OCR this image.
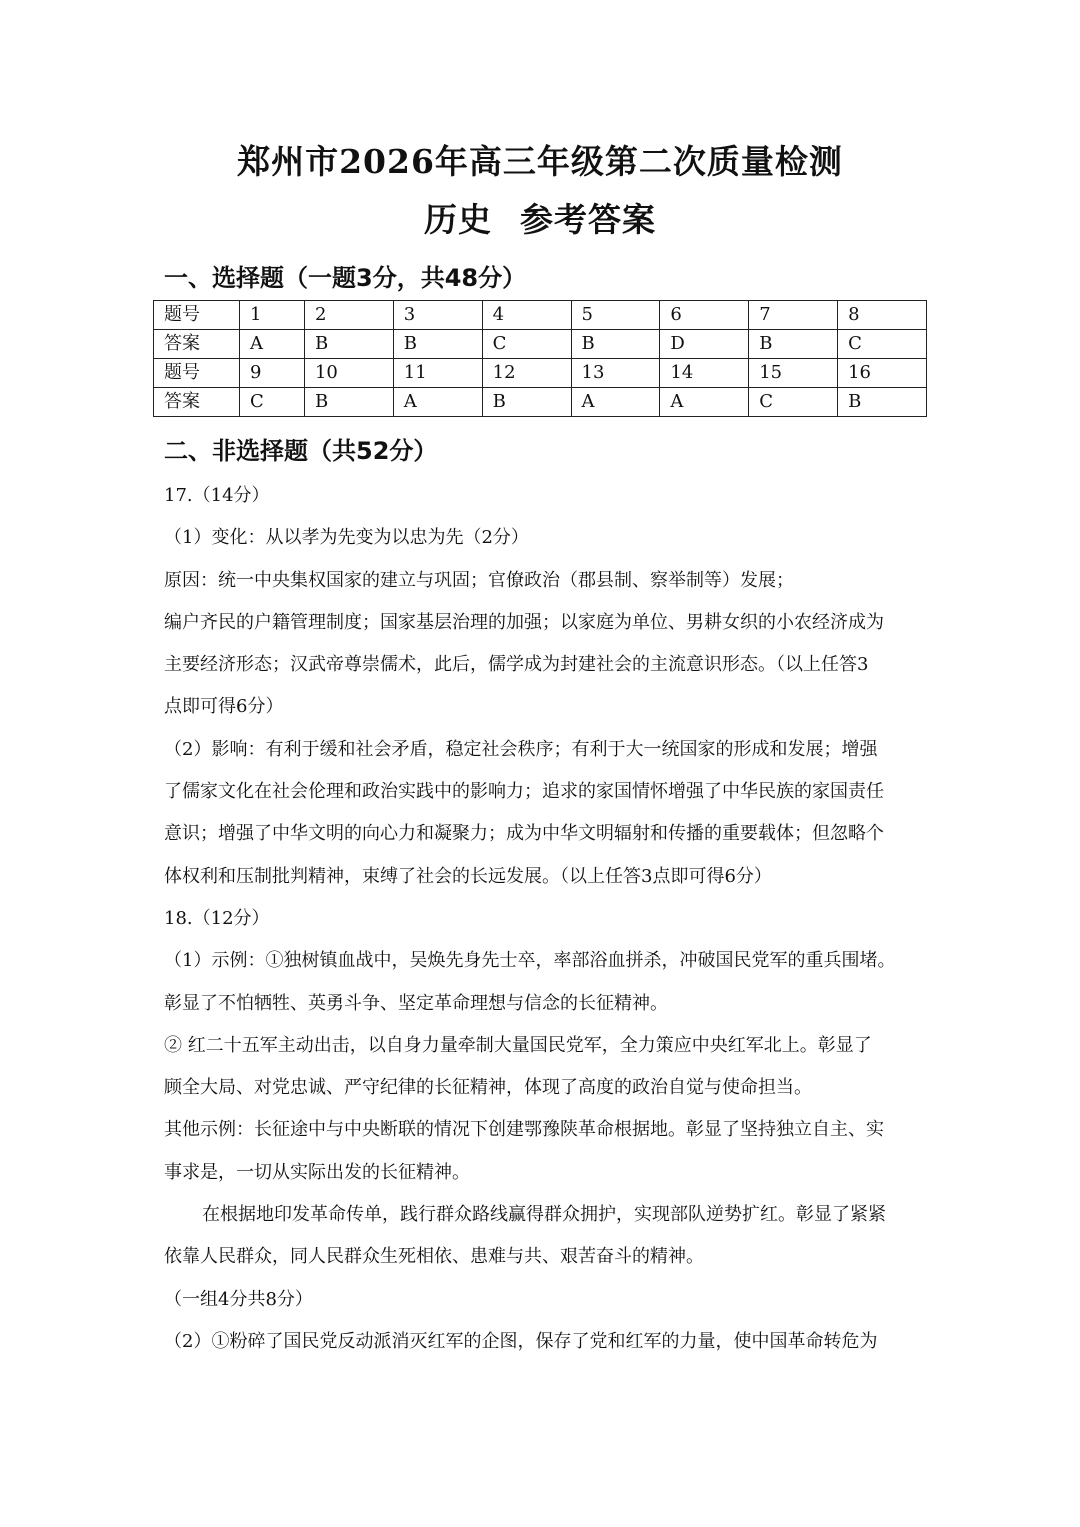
郑州市2026年高三年级第二次质量检测
历史 参考答案
一、选择题（一题3分，共48分）
题号	1	2	3	4	5	6	7	8
答案	A	B	B	C	B	D	B	C
题号	9	10	11	12	13	14	15	16
答案	C	B	A	B	A	A	C	B
二、非选择题（共52分）
17.（14分）
（1）变化：从以孝为先变为以忠为先（2分）
原因：统一中央集权国家的建立与巩固；官僚政治（郡县制、察举制等）发展；
编户齐民的户籍管理制度；国家基层治理的加强；以家庭为单位、男耕女织的小农经济成为
主要经济形态；汉武帝尊崇儒术，此后，儒学成为封建社会的主流意识形态。（以上任答3
点即可得6分）
（2）影响：有利于缓和社会矛盾，稳定社会秩序；有利于大一统国家的形成和发展；增强
了儒家文化在社会伦理和政治实践中的影响力；追求的家国情怀增强了中华民族的家国责任
意识；增强了中华文明的向心力和凝聚力；成为中华文明辐射和传播的重要载体；但忽略个
体权利和压制批判精神，束缚了社会的长远发展。（以上任答3点即可得6分）
18.（12分）
（1）示例：①独树镇血战中，吴焕先身先士卒，率部浴血拼杀，冲破国民党军的重兵围堵。
彰显了不怕牺牲、英勇斗争、坚定革命理想与信念的长征精神。
② 红二十五军主动出击，以自身力量牵制大量国民党军，全力策应中央红军北上。彰显了
顾全大局、对党忠诚、严守纪律的长征精神，体现了高度的政治自觉与使命担当。
其他示例：长征途中与中央断联的情况下创建鄂豫陕革命根据地。彰显了坚持独立自主、实
事求是，一切从实际出发的长征精神。
在根据地印发革命传单，践行群众路线赢得群众拥护，实现部队逆势扩红。彰显了紧紧
依靠人民群众，同人民群众生死相依、患难与共、艰苦奋斗的精神。
（一组4分共8分）
（2）①粉碎了国民党反动派消灭红军的企图，保存了党和红军的力量，使中国革命转危为
